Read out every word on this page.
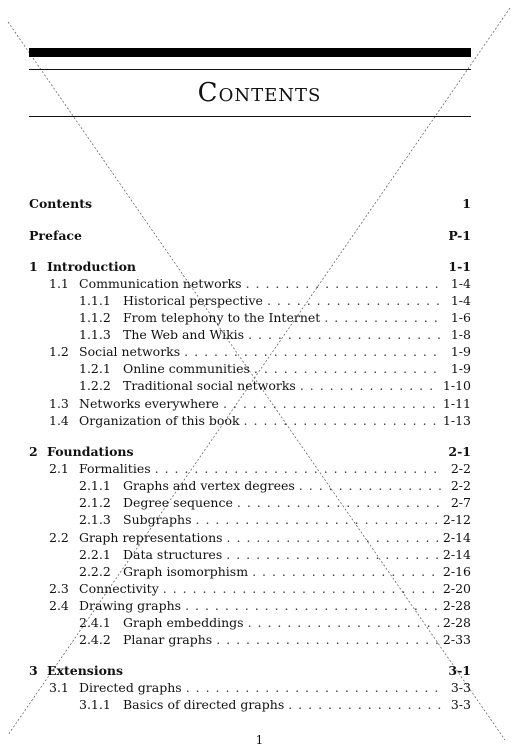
Contents
Contents	1
Preface	P-1
1 Introduction	1-1
1.1 Communication networks . . .	1-4
1.1.1 Historical perspective . . .	1-4
1.1.2 From telephony to the Internet . . .	1-6
1.1.3 The Web and Wikis . . .	1-8
1.2 Social networks . . .	1-9
1.2.1 Online communities . . .	1-9
1.2.2 Traditional social networks . . .	1-10
1.3 Networks everywhere . . .	1-11
1.4 Organization of this book . . .	1-13
2 Foundations	2-1
2.1 Formalities . . .	2-2
2.1.1 Graphs and vertex degrees . . .	2-2
2.1.2 Degree sequence . . .	2-7
2.1.3 Subgraphs . . .	2-12
2.2 Graph representations . . .	2-14
2.2.1 Data structures . . .	2-14
2.2.2 Graph isomorphism . . .	2-16
2.3 Connectivity . . .	2-20
2.4 Drawing graphs . . .	2-28
2.4.1 Graph embeddings . . .	2-28
2.4.2 Planar graphs . . .	2-33
3 Extensions	3-1
3.1 Directed graphs . . .	3-3
3.1.1 Basics of directed graphs . . .	3-3
1
